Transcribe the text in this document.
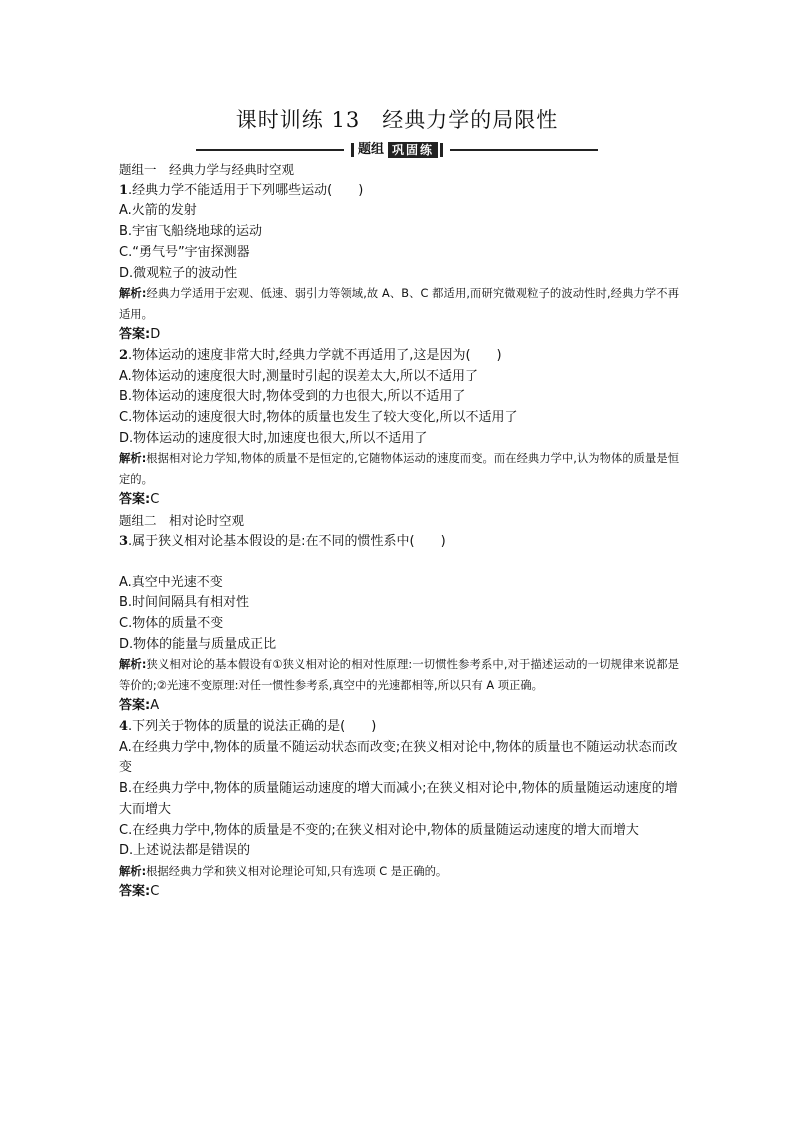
课时训练 13　经典力学的局限性
题组 巩固练
题组一　经典力学与经典时空观
1.经典力学不能适用于下列哪些运动(　　)
A.火箭的发射
B.宇宙飞船绕地球的运动
C.“勇气号”宇宙探测器
D.微观粒子的波动性
解析:经典力学适用于宏观、低速、弱引力等领域,故 A、B、C 都适用,而研究微观粒子的波动性时,经典力学不再适用。
答案:D
2.物体运动的速度非常大时,经典力学就不再适用了,这是因为(　　)
A.物体运动的速度很大时,测量时引起的误差太大,所以不适用了
B.物体运动的速度很大时,物体受到的力也很大,所以不适用了
C.物体运动的速度很大时,物体的质量也发生了较大变化,所以不适用了
D.物体运动的速度很大时,加速度也很大,所以不适用了
解析:根据相对论力学知,物体的质量不是恒定的,它随物体运动的速度而变。而在经典力学中,认为物体的质量是恒定的。
答案:C
题组二　相对论时空观
3.属于狭义相对论基本假设的是:在不同的惯性系中(　　)
A.真空中光速不变
B.时间间隔具有相对性
C.物体的质量不变
D.物体的能量与质量成正比
解析:狭义相对论的基本假设有①狭义相对论的相对性原理:一切惯性参考系中,对于描述运动的一切规律来说都是等价的;②光速不变原理:对任一惯性参考系,真空中的光速都相等,所以只有 A 项正确。
答案:A
4.下列关于物体的质量的说法正确的是(　　)
A.在经典力学中,物体的质量不随运动状态而改变;在狭义相对论中,物体的质量也不随运动状态而改变
B.在经典力学中,物体的质量随运动速度的增大而减小;在狭义相对论中,物体的质量随运动速度的增大而增大
C.在经典力学中,物体的质量是不变的;在狭义相对论中,物体的质量随运动速度的增大而增大
D.上述说法都是错误的
解析:根据经典力学和狭义相对论理论可知,只有选项 C 是正确的。
答案:C
